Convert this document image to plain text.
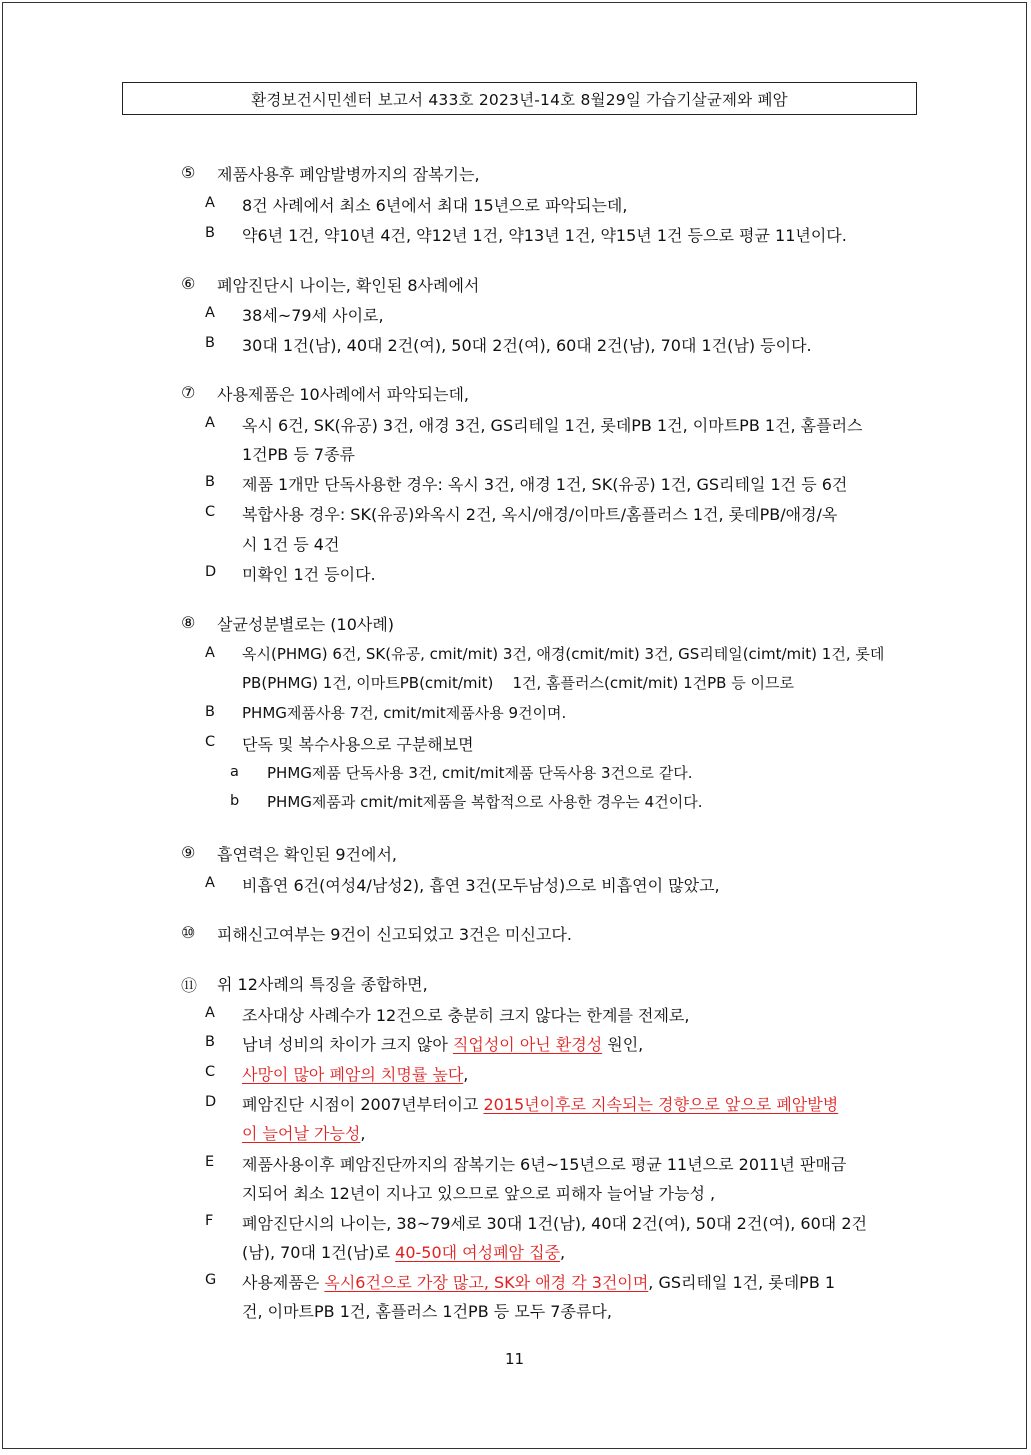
환경보건시민센터 보고서 433호 2023년-14호 8월29일 가습기살균제와 폐암
⑤ 제품사용후 폐암발병까지의 잠복기는,
A 8건 사례에서 최소 6년에서 최대 15년으로 파악되는데,
B 약6년 1건, 약10년 4건, 약12년 1건, 약13년 1건, 약15년 1건 등으로 평균 11년이다.
⑥ 폐암진단시 나이는, 확인된 8사례에서
A 38세~79세 사이로,
B 30대 1건(남), 40대 2건(여), 50대 2건(여), 60대 2건(남), 70대 1건(남) 등이다.
⑦ 사용제품은 10사례에서 파악되는데,
A 옥시 6건, SK(유공) 3건, 애경 3건, GS리테일 1건, 롯데PB 1건, 이마트PB 1건, 홈플러스
1건PB 등 7종류
B 제품 1개만 단독사용한 경우: 옥시 3건, 애경 1건, SK(유공) 1건, GS리테일 1건 등 6건
C 복합사용 경우: SK(유공)와옥시 2건, 옥시/애경/이마트/홈플러스 1건, 롯데PB/애경/옥
시 1건 등 4건
D 미확인 1건 등이다.
⑧ 살균성분별로는 (10사례)
A 옥시(PHMG) 6건, SK(유공, cmit/mit) 3건, 애경(cmit/mit) 3건, GS리테일(cimt/mit) 1건, 롯데
PB(PHMG) 1건, 이마트PB(cmit/mit)    1건, 홈플러스(cmit/mit) 1건PB 등 이므로
B PHMG제품사용 7건, cmit/mit제품사용 9건이며.
C 단독 및 복수사용으로 구분해보면
a PHMG제품 단독사용 3건, cmit/mit제품 단독사용 3건으로 같다.
b PHMG제품과 cmit/mit제품을 복합적으로 사용한 경우는 4건이다.
⑨ 흡연력은 확인된 9건에서,
A 비흡연 6건(여성4/남성2), 흡연 3건(모두남성)으로 비흡연이 많았고,
⑩ 피해신고여부는 9건이 신고되었고 3건은 미신고다.
⑪ 위 12사례의 특징을 종합하면,
A 조사대상 사례수가 12건으로 충분히 크지 않다는 한계를 전제로,
B 남녀 성비의 차이가 크지 않아 직업성이 아닌 환경성 원인,
C 사망이 많아 폐암의 치명률 높다,
D 폐암진단 시점이 2007년부터이고 2015년이후로 지속되는 경향으로 앞으로 폐암발병
이 늘어날 가능성,
E 제품사용이후 폐암진단까지의 잠복기는 6년~15년으로 평균 11년으로 2011년 판매금
지되어 최소 12년이 지나고 있으므로 앞으로 피해자 늘어날 가능성 ,
F 폐암진단시의 나이는, 38~79세로 30대 1건(남), 40대 2건(여), 50대 2건(여), 60대 2건
(남), 70대 1건(남)로 40-50대 여성폐암 집중,
G 사용제품은 옥시6건으로 가장 많고, SK와 애경 각 3건이며, GS리테일 1건, 롯데PB 1
건, 이마트PB 1건, 홈플러스 1건PB 등 모두 7종류다,
11
